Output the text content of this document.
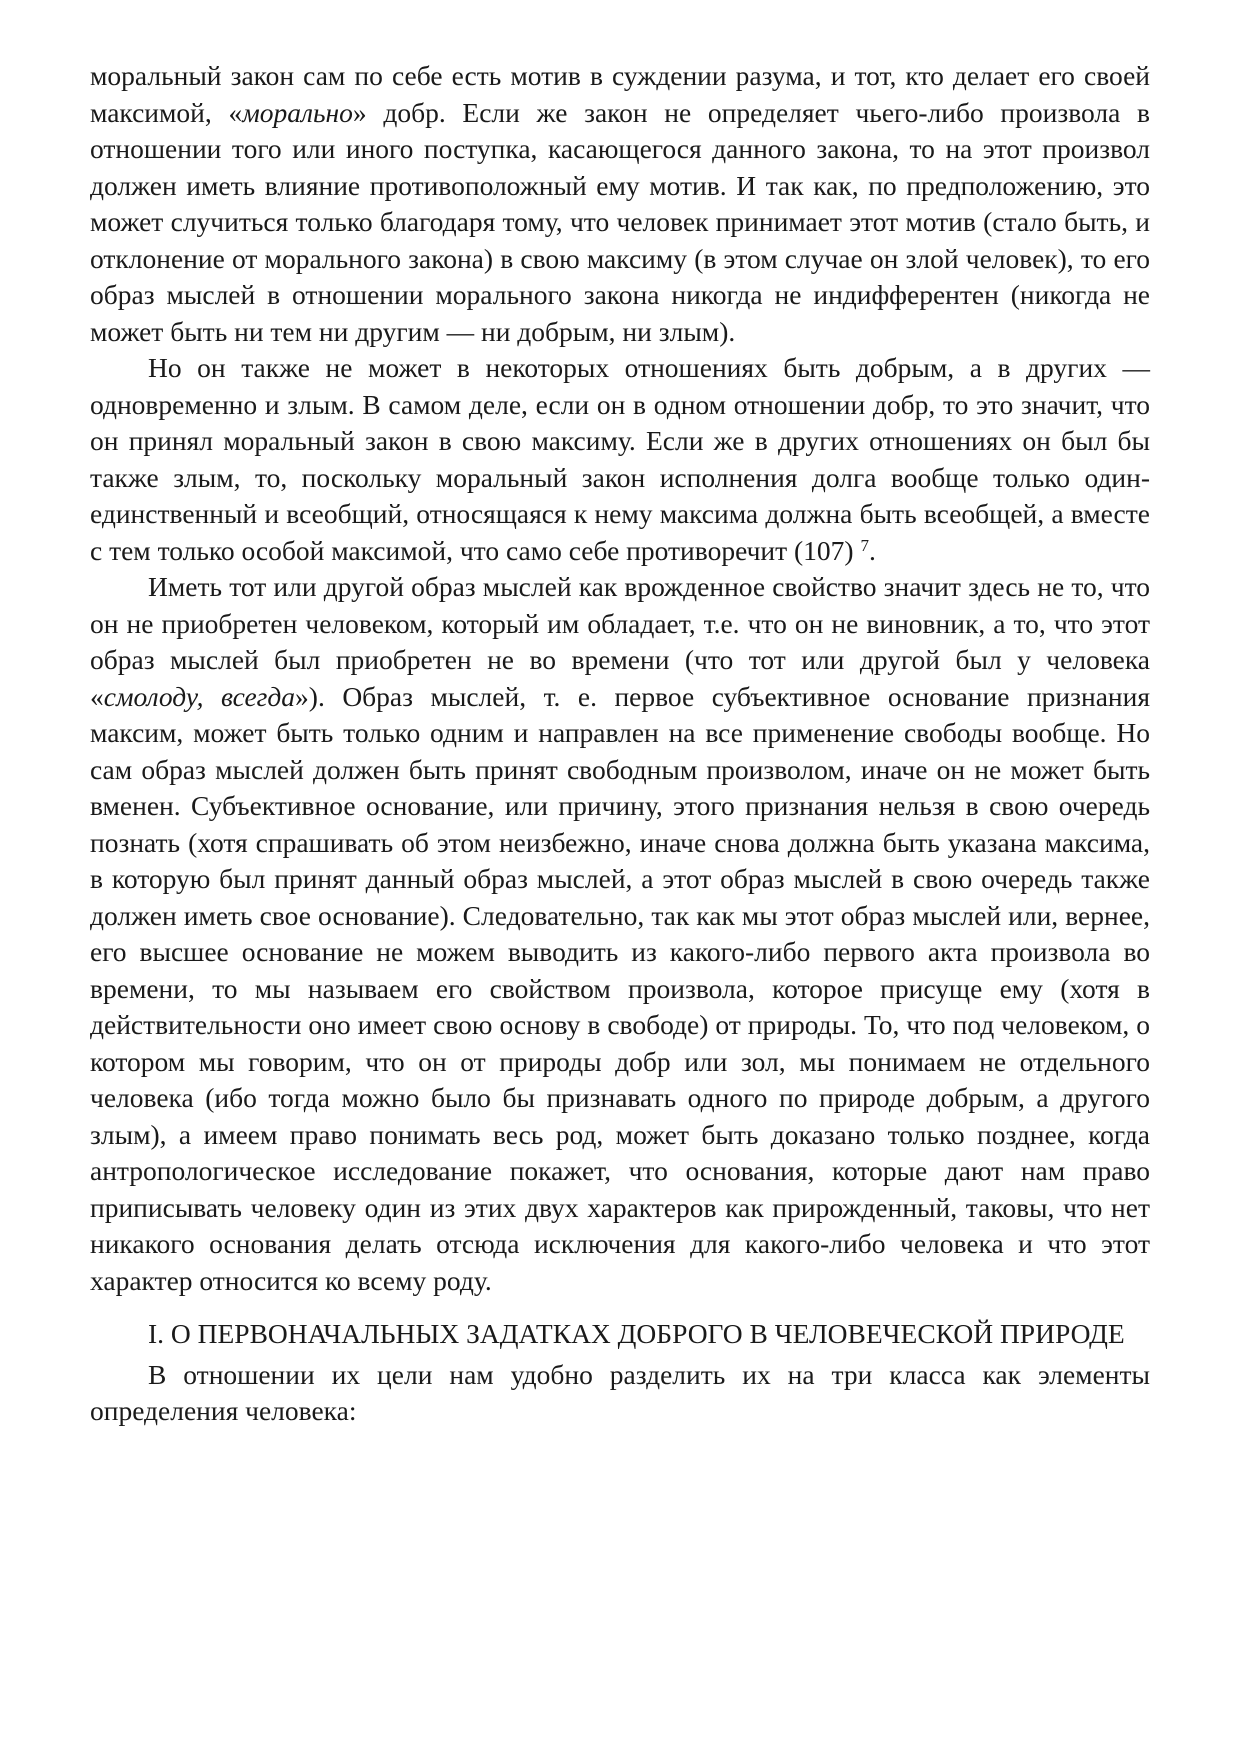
моральный закон сам по себе есть мотив в суждении разума, и тот, кто делает его своей максимой, «морально» добр. Если же закон не определяет чьего-либо произвола в отношении того или иного поступка, касающегося данного закона, то на этот произвол должен иметь влияние противоположный ему мотив. И так как, по предположению, это может случиться только благодаря тому, что человек принимает этот мотив (стало быть, и отклонение от морального закона) в свою максиму (в этом случае он злой человек), то его образ мыслей в отношении морального закона никогда не индифферентен (никогда не может быть ни тем ни другим — ни добрым, ни злым).

Но он также не может в некоторых отношениях быть добрым, а в других — одновременно и злым. В самом деле, если он в одном отношении добр, то это значит, что он принял моральный закон в свою максиму. Если же в других отношениях он был бы также злым, то, поскольку моральный закон исполнения долга вообще только один-единственный и всеобщий, относящаяся к нему максима должна быть всеобщей, а вместе с тем только особой максимой, что само себе противоречит (107) $^7$.

Иметь тот или другой образ мыслей как врожденное свойство значит здесь не то, что он не приобретен человеком, который им обладает, т.е. что он не виновник, а то, что этот образ мыслей был приобретен не во времени (что тот или другой был у человека «смолоду, всегда»). Образ мыслей, т. е. первое субъективное основание признания максим, может быть только одним и направлен на все применение свободы вообще. Но сам образ мыслей должен быть принят свободным произволом, иначе он не может быть вменен. Субъективное основание, или причину, этого признания нельзя в свою очередь познать (хотя спрашивать об этом неизбежно, иначе снова должна быть указана максима, в которую был принят данный образ мыслей, а этот образ мыслей в свою очередь также должен иметь свое основание). Следовательно, так как мы этот образ мыслей или, вернее, его высшее основание не можем выводить из какого-либо первого акта произвола во времени, то мы называем его свойством произвола, которое присуще ему (хотя в действительности оно имеет свою основу в свободе) от природы. То, что под человеком, о котором мы говорим, что он от природы добр или зол, мы понимаем не отдельного человека (ибо тогда можно было бы признавать одного по природе добрым, а другого злым), а имеем право понимать весь род, может быть доказано только позднее, когда антропологическое исследование покажет, что основания, которые дают нам право приписывать человеку один из этих двух характеров как прирожденный, таковы, что нет никакого основания делать отсюда исключения для какого-либо человека и что этот характер относится ко всему роду.

I. О ПЕРВОНАЧАЛЬНЫХ ЗАДАТКАХ ДОБРОГО В ЧЕЛОВЕЧЕСКОЙ ПРИРОДЕ

В отношении их цели нам удобно разделить их на три класса как элементы определения человека:
